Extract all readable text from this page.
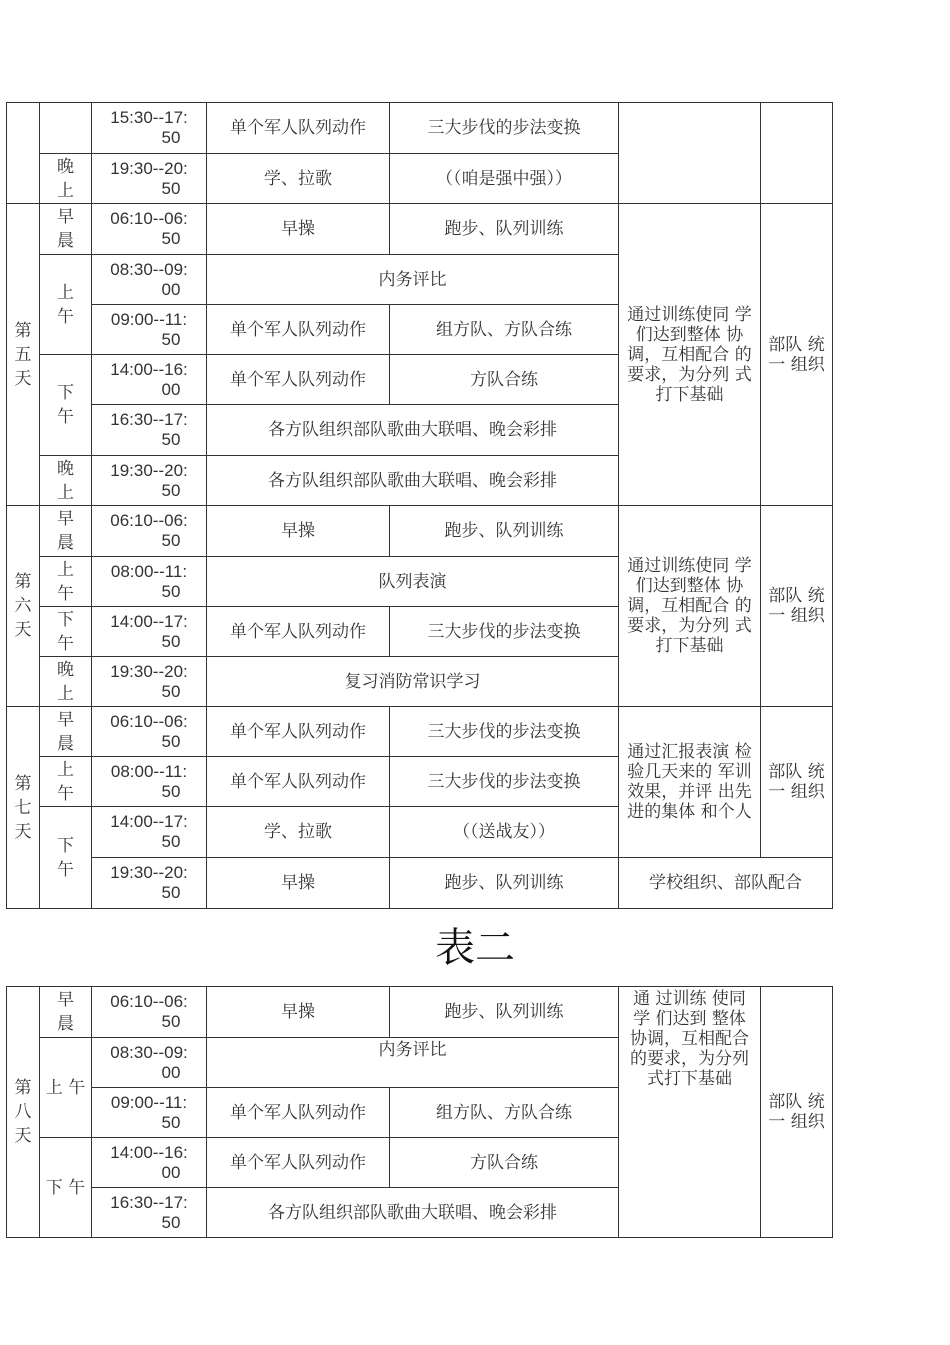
		15:30--17:
50	单个军人队列动作	三大步伐的步法变换		

	晚
上	19:30--20:
50	学、拉歌	（（咱是强中强））		

第
五
天	早
晨	06:10--06:
50	早操	跑步、队列训练	通过训练使同 学
们达到整体 协
调，互相配合 的
要求，为分列 式
打下基础	部队 统
一 组织

	上
午	08:30--09:
00	内务评比			

		09:00--11:
50	单个军人队列动作	组方队、方队合练		

	下
午	14:00--16:
00	单个军人队列动作	方队合练		

		16:30--17:
50	各方队组织部队歌曲大联唱、晚会彩排			

	晚
上	19:30--20:
50	各方队组织部队歌曲大联唱、晚会彩排			

第
六
天	早
晨	06:10--06:
50	早操	跑步、队列训练	通过训练使同 学
们达到整体 协
调，互相配合 的
要求，为分列 式
打下基础	部队 统
一 组织

	上
午	08:00--11:
50	队列表演			

	下
午	14:00--17:
50	单个军人队列动作	三大步伐的步法变换		

	晚
上	19:30--20:
50	复习消防常识学习			

第
七
天	早
晨	06:10--06:
50	单个军人队列动作	三大步伐的步法变换	通过汇报表演 检
验几天来的 军训
效果，并评 出先
进的集体 和个人	部队 统
一 组织

	上
午	08:00--11:
50	单个军人队列动作	三大步伐的步法变换		

	下
午	14:00--17:
50	学、拉歌	（（送战友））		

		19:30--20:
50	早操	跑步、队列训练	学校组织、部队配合	
表二
第
八
天	早
晨	06:10--06:
50	早操	跑步、队列训练	通 过训练 使同
学 们达到 整体
协调，互相配合
的要求，为分列
式打下基础	部队 统
一 组织

	上 午	08:30--09:
00	内务评比			

		09:00--11:
50	单个军人队列动作	组方队、方队合练		
	下 午	14:00--16:
00	单个军人队列动作	方队合练		

		16:30--17:
50	各方队组织部队歌曲大联唱、晚会彩排			
